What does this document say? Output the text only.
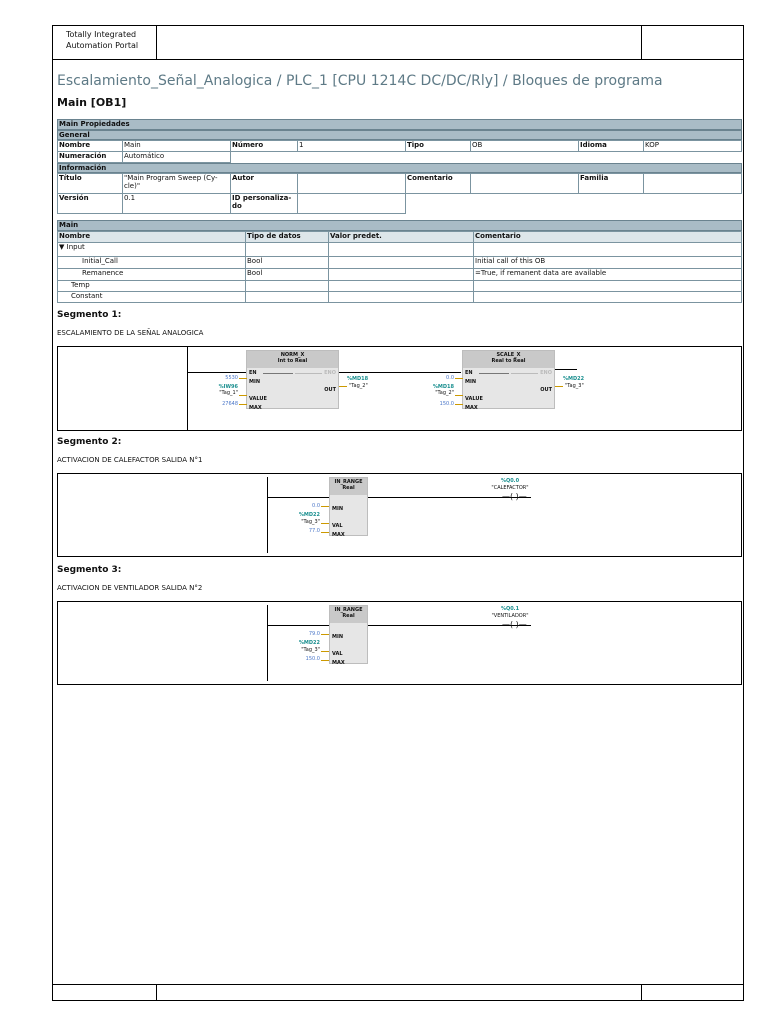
Totally Integrated
Automation Portal
Escalamiento_Señal_Analogica / PLC_1 [CPU 1214C DC/DC/Rly] / Bloques de programa
Main [OB1]
Main Propiedades
General
Nombre	Main	Número	1	Tipo	OB	Idioma	KOP
Numeración	Automático						
Información
Título	"Main Program Sweep (Cy-cle)"	Autor		Comentario		Familia	
Versión	0.1	ID personaliza-do					
Main
Nombre	Tipo de datos	Valor predet.	Comentario
▼ Input			
Initial_Call	Bool		Initial call of this OB
Remanence	Bool		=True, if remanent data are available
Temp			
Constant			
Segmento 1:
ESCALAMIENTO DE LA SEÑAL ANALOGICA
NORM_X
Int to Real
EN	ENO
MIN
OUT
VALUE
MAX
5530
%IW96
"Tag_1"
27648
%MD18
"Tag_2"
SCALE_X
Real to Real
EN	ENO
MIN
OUT
VALUE
MAX
0.0
%MD18
"Tag_2"
150.0
%MD22
"Tag_3"
Segmento 2:
ACTIVACION DE CALEFACTOR SALIDA N°1
IN_RANGE
Real
MIN
VAL
MAX
0.0
%MD22
"Tag_3"
77.0
%Q0.0
"CALEFACTOR"
—( )—
Segmento 3:
ACTIVACION DE VENTILADOR SALIDA N°2
IN_RANGE
Real
MIN
VAL
MAX
79.0
%MD22
"Tag_3"
150.0
%Q0.1
"VENTILADOR"
—( )—
